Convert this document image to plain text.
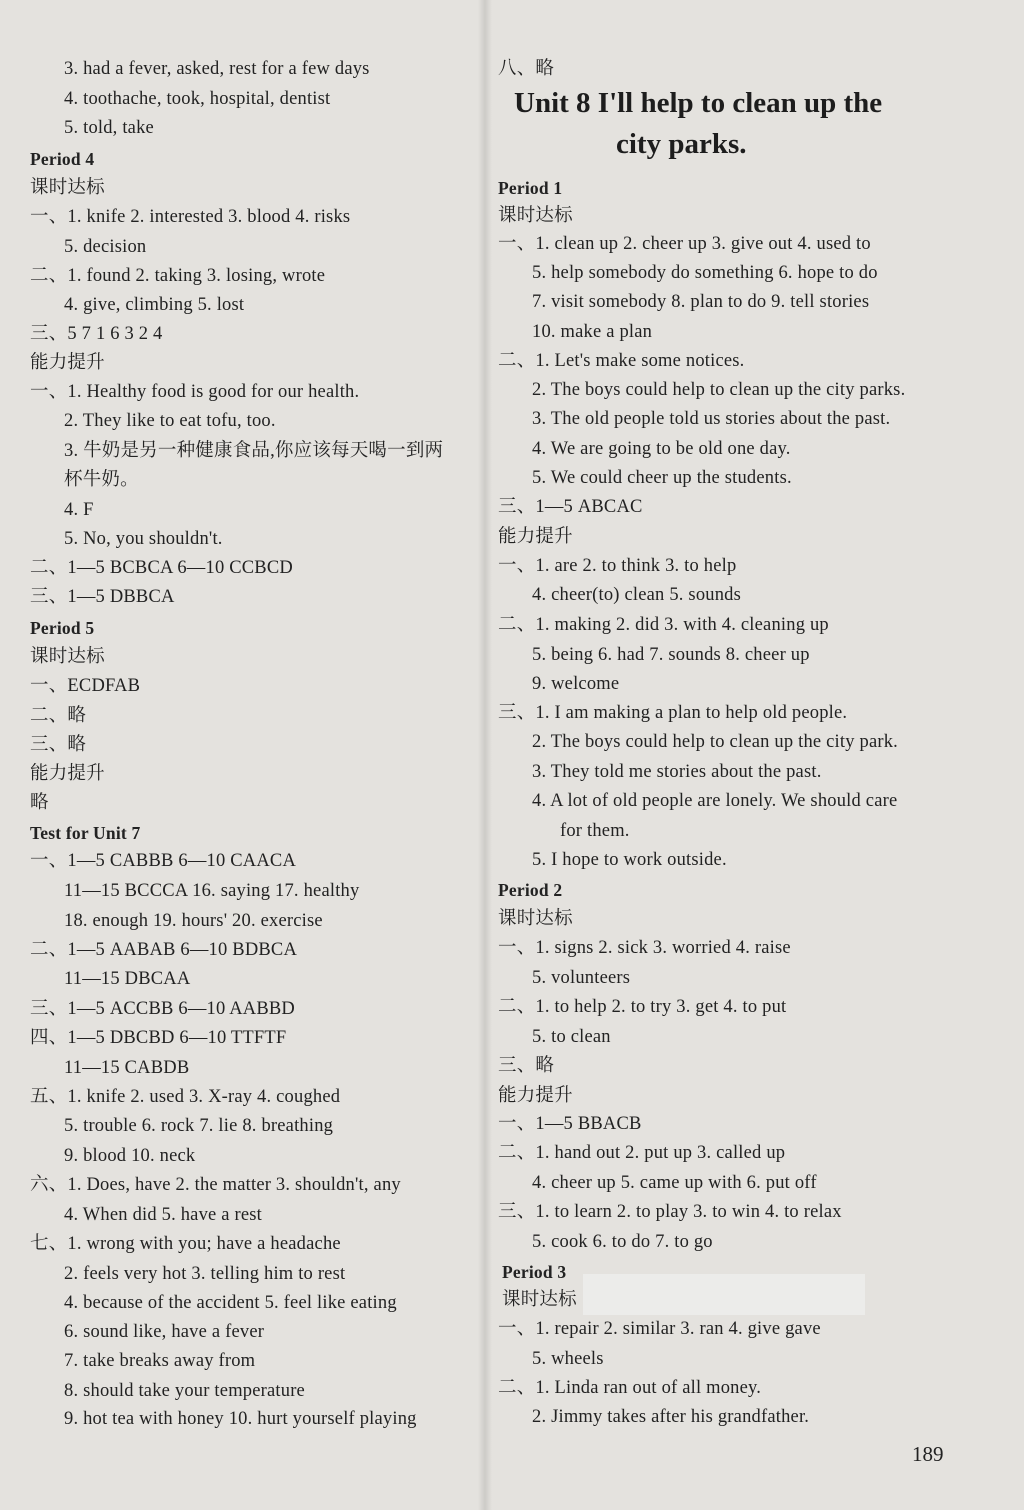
3. had a fever, asked, rest for a few days
4. toothache, took, hospital, dentist
5. told, take
Period 4
课时达标
一、1. knife 2. interested 3. blood 4. risks
5. decision
二、1. found 2. taking 3. losing, wrote
4. give, climbing 5. lost
三、5 7 1 6 3 2 4
能力提升
一、1. Healthy food is good for our health.
2. They like to eat tofu, too.
3. 牛奶是另一种健康食品,你应该每天喝一到两
杯牛奶。
4. F
5. No, you shouldn't.
二、1—5 BCBCA 6—10 CCBCD
三、1—5 DBBCA
Period 5
课时达标
一、ECDFAB
二、略
三、略
能力提升
略
Test for Unit 7
一、1—5 CABBB 6—10 CAACA
11—15 BCCCA 16. saying 17. healthy
18. enough 19. hours' 20. exercise
二、1—5 AABAB 6—10 BDBCA
11—15 DBCAA
三、1—5 ACCBB 6—10 AABBD
四、1—5 DBCBD 6—10 TTFTF
11—15 CABDB
五、1. knife 2. used 3. X-ray 4. coughed
5. trouble 6. rock 7. lie 8. breathing
9. blood 10. neck
六、1. Does, have 2. the matter 3. shouldn't, any
4. When did 5. have a rest
七、1. wrong with you; have a headache
2. feels very hot 3. telling him to rest
4. because of the accident 5. feel like eating
6. sound like, have a fever
7. take breaks away from
8. should take your temperature
9. hot tea with honey 10. hurt yourself playing
八、略
Unit 8 I'll help to clean up the
city parks.
Period 1
课时达标
一、1. clean up 2. cheer up 3. give out 4. used to
5. help somebody do something 6. hope to do
7. visit somebody 8. plan to do 9. tell stories
10. make a plan
二、1. Let's make some notices.
2. The boys could help to clean up the city parks.
3. The old people told us stories about the past.
4. We are going to be old one day.
5. We could cheer up the students.
三、1—5 ABCAC
能力提升
一、1. are 2. to think 3. to help
4. cheer(to) clean 5. sounds
二、1. making 2. did 3. with 4. cleaning up
5. being 6. had 7. sounds 8. cheer up
9. welcome
三、1. I am making a plan to help old people.
2. The boys could help to clean up the city park.
3. They told me stories about the past.
4. A lot of old people are lonely. We should care
for them.
5. I hope to work outside.
Period 2
课时达标
一、1. signs 2. sick 3. worried 4. raise
5. volunteers
二、1. to help 2. to try 3. get 4. to put
5. to clean
三、略
能力提升
一、1—5 BBACB
二、1. hand out 2. put up 3. called up
4. cheer up 5. came up with 6. put off
三、1. to learn 2. to play 3. to win 4. to relax
5. cook 6. to do 7. to go
Period 3
课时达标
一、1. repair 2. similar 3. ran 4. give gave
5. wheels
二、1. Linda ran out of all money.
2. Jimmy takes after his grandfather.
189
